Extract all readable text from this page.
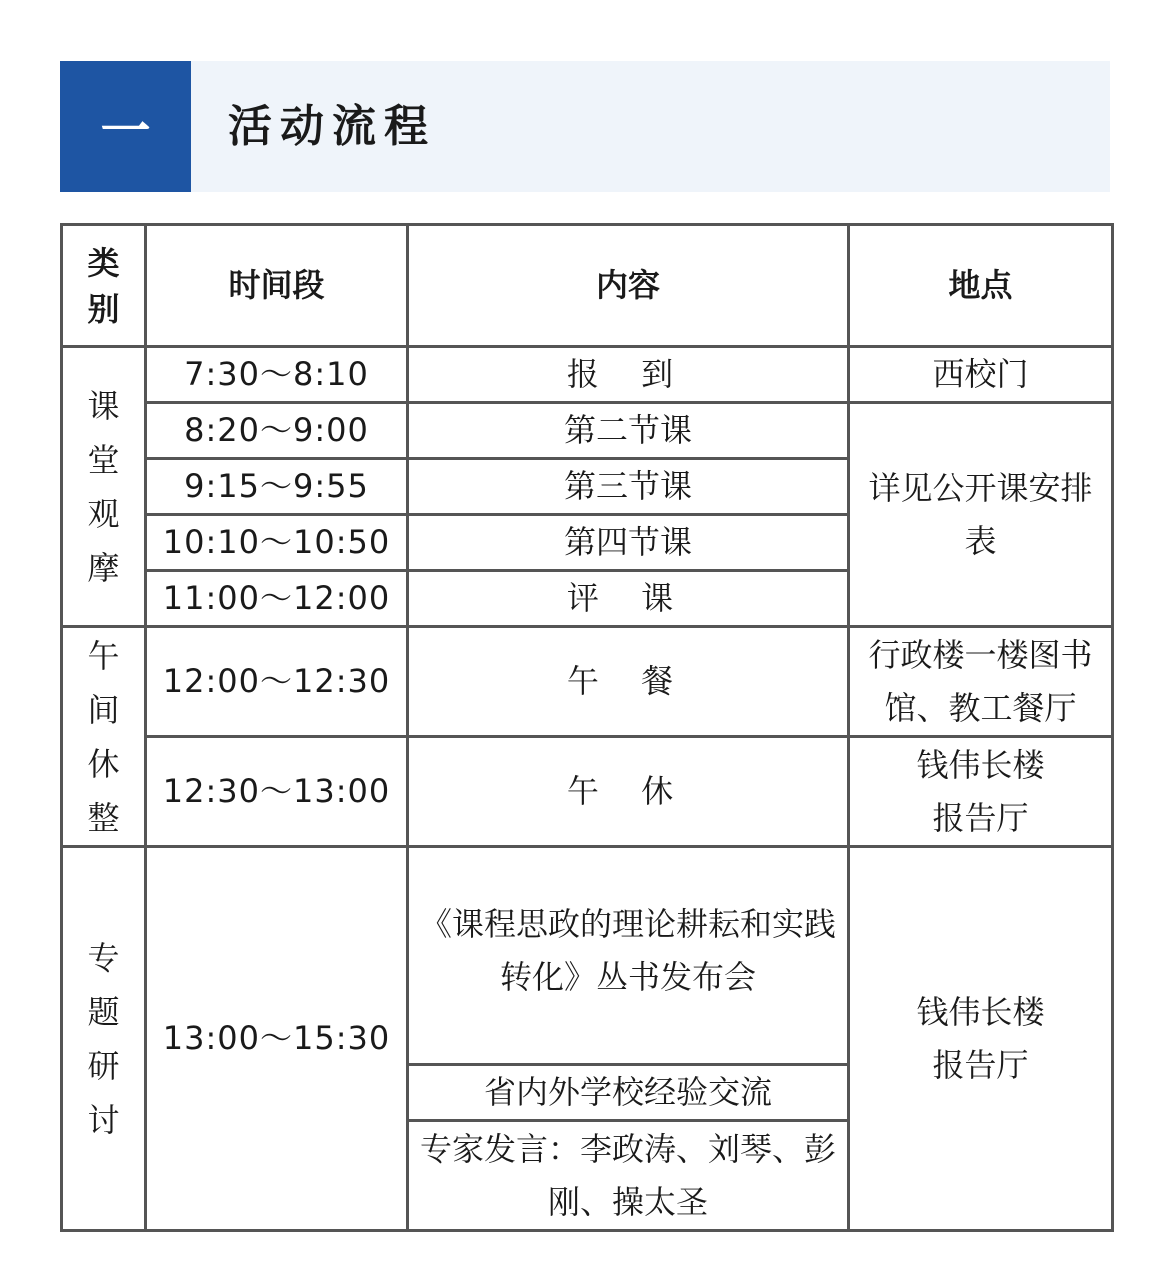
一	活动流程
类别	时间段	内容	地点

课堂观摩	7:30～8:10	报 到	西校门
	8:20～9:00	第二节课	详见公开课安排表
	9:15～9:55	第三节课	
	10:10～10:50	第四节课	
	11:00～12:00	评 课	

午间休整	12:00～12:30	午 餐	行政楼一楼图书馆、教工餐厅
	12:30～13:00	午 休	钱伟长楼报告厅

专题研讨	13:00～15:30	《课程思政的理论耕耘和实践转化》丛书发布会	钱伟长楼报告厅

		省内外学校经验交流	
		专家发言：李政涛、刘琴、彭刚、操太圣	
